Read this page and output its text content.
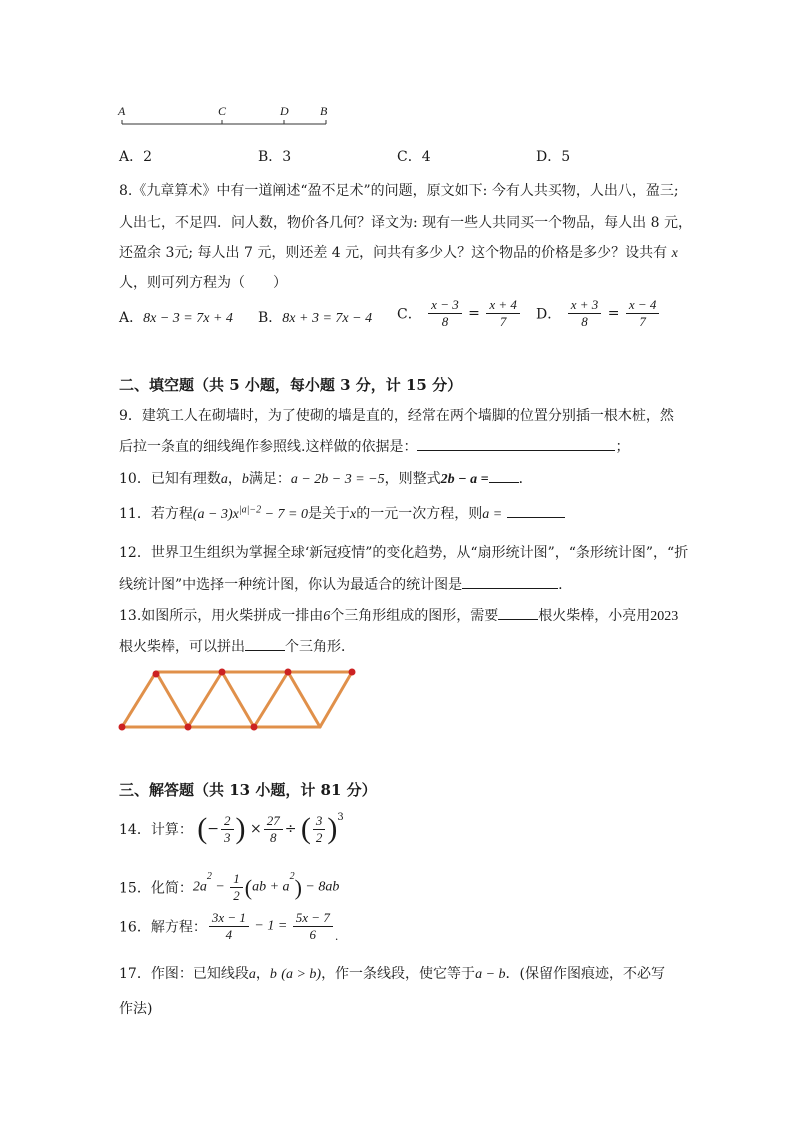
A	C	D	B
A．2	B．3	C．4	D．5
8.《九章算术》中有一道阐述“盈不足术”的问题，原文如下: 今有人共买物，人出八，盈三;
人出七，不足四．问人数，物价各几何？译文为: 现有一些人共同买一个物品，每人出 8 元，
还盈余 3元; 每人出 7 元，则还差 4 元，问共有多少人？这个物品的价格是多少？设共有 x
人，则可列方程为（　　）
A．8x − 3 = 7x + 4 B．8x + 3 = 7x − 4 C． $\frac{x - 3}{8} = \frac{x + 4}{7}$ D． $\frac{x + 3}{8} = \frac{x - 4}{7}$
二、填空题（共 5 小题，每小题 3 分，计 15 分）
9．建筑工人在砌墙时，为了使砌的墙是直的，经常在两个墙脚的位置分别插一根木桩，然
后拉一条直的细线绳作参照线.这样做的依据是：	；
10．已知有理数a，b满足：a − 2b − 3 = −5，则整式2b − a = ．
11．若方程$(a - 3)x^{|a|-2} - 7 = 0$是关于x的一元一次方程，则a =
12．世界卫生组织为掌握全球‘新冠疫情”的变化趋势，从“扇形统计图”，“条形统计图”，“折
线统计图”中选择一种统计图，你认为最适合的统计图是	.
13.如图所示，用火柴拼成一排由6个三角形组成的图形，需要	根火柴棒，小亮用2023
根火柴棒，可以拼出	个三角形．
三、解答题（共 13 小题，计 81 分）
14．计算： (− $\frac{2}{3}$ ) × $\frac{27}{8}$ ÷ ( $\frac{3}{2} )^3$
15．化简：$2a^2 - \frac{1}{2} (ab + a^2) - 8ab$
16．解方程： $\frac{3x - 1}{4} - 1 = \frac{5x - 7}{6}$ .
17．作图：已知线段a，b (a > b)，作一条线段，使它等于a − b．(保留作图痕迹，不必写
作法)
